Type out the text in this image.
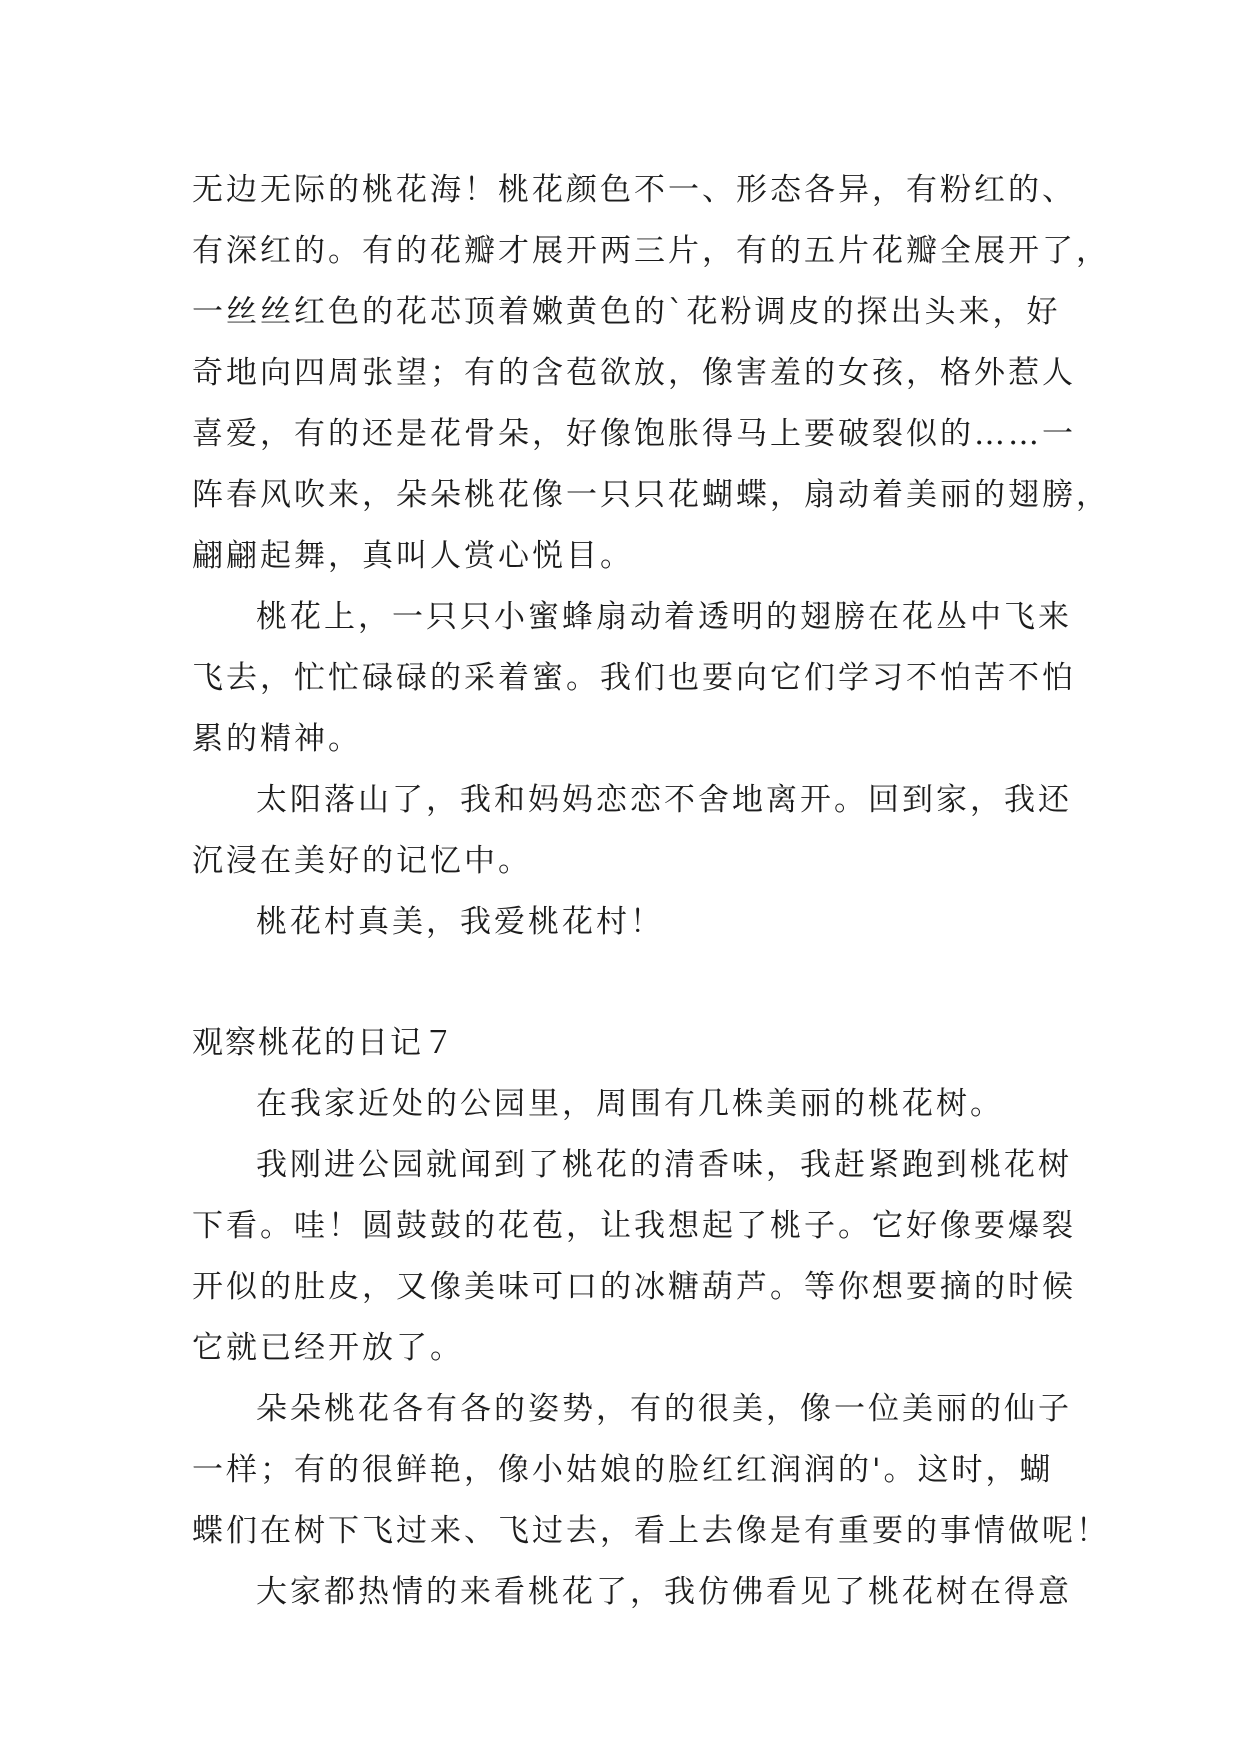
无边无际的桃花海！桃花颜色不一、形态各异，有粉红的、
有深红的。有的花瓣才展开两三片，有的五片花瓣全展开了，
一丝丝红色的花芯顶着嫩黄色的`花粉调皮的探出头来，好
奇地向四周张望；有的含苞欲放，像害羞的女孩，格外惹人
喜爱，有的还是花骨朵，好像饱胀得马上要破裂似的……一
阵春风吹来，朵朵桃花像一只只花蝴蝶，扇动着美丽的翅膀，
翩翩起舞，真叫人赏心悦目。
桃花上，一只只小蜜蜂扇动着透明的翅膀在花丛中飞来
飞去，忙忙碌碌的采着蜜。我们也要向它们学习不怕苦不怕
累的精神。
太阳落山了，我和妈妈恋恋不舍地离开。回到家，我还
沉浸在美好的记忆中。
桃花村真美，我爱桃花村！
观察桃花的日记７
在我家近处的公园里，周围有几株美丽的桃花树。
我刚进公园就闻到了桃花的清香味，我赶紧跑到桃花树
下看。哇！圆鼓鼓的花苞，让我想起了桃子。它好像要爆裂
开似的肚皮，又像美味可口的冰糖葫芦。等你想要摘的时候
它就已经开放了。
朵朵桃花各有各的姿势，有的很美，像一位美丽的仙子
一样；有的很鲜艳，像小姑娘的脸红红润润的'。这时，蝴
蝶们在树下飞过来、飞过去，看上去像是有重要的事情做呢！
大家都热情的来看桃花了，我仿佛看见了桃花树在得意
